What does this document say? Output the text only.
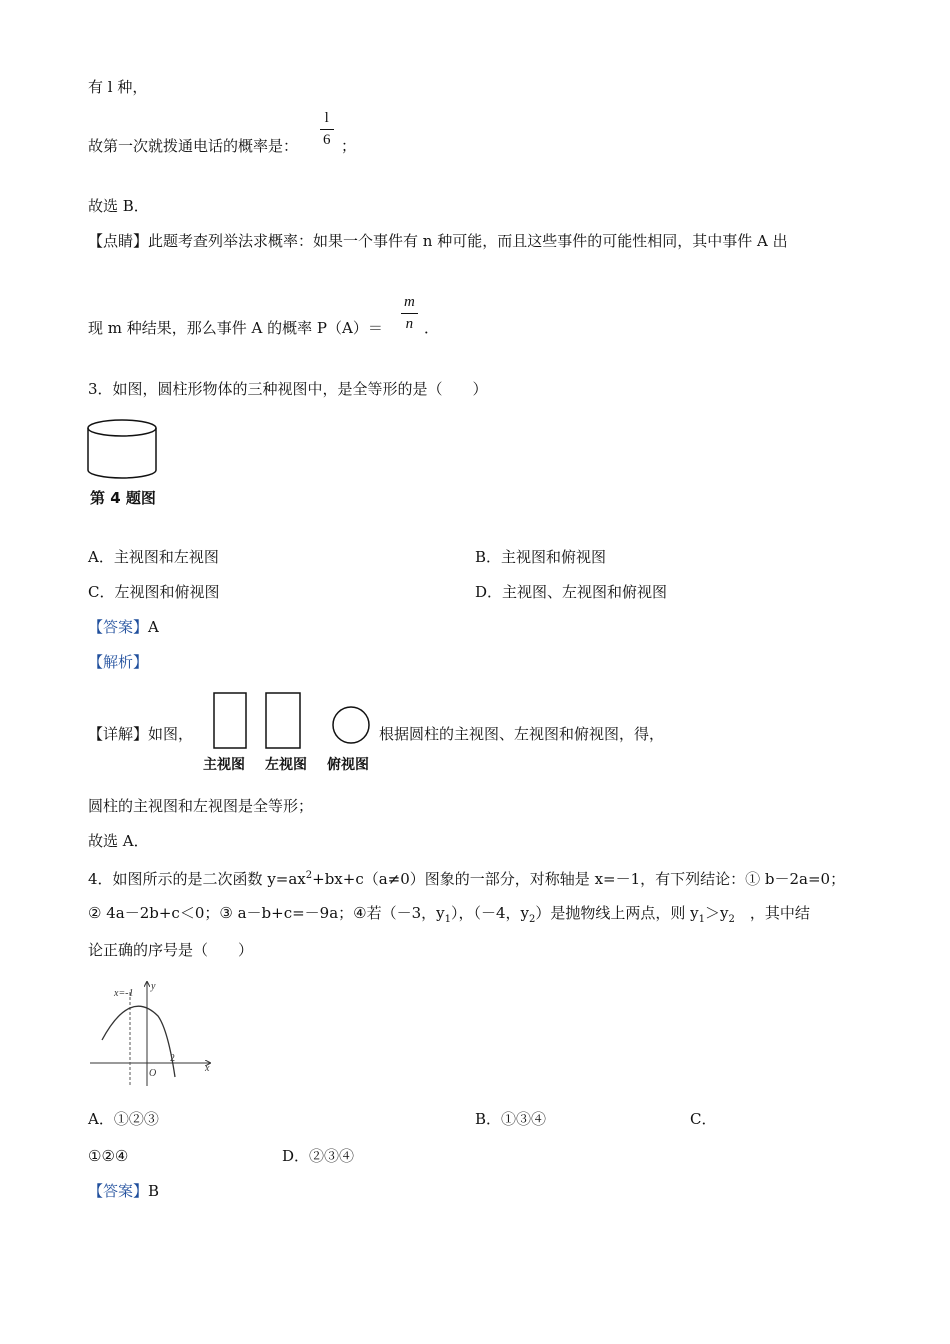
有 l 种，
故第一次就拨通电话的概率是：
l
6 ；
故选 B．
【点睛】此题考查列举法求概率：如果一个事件有 n 种可能，而且这些事件的可能性相同，其中事件 A 出
现 m 种结果，那么事件 A 的概率 P（A）＝
m
n ．
3．如图，圆柱形物体的三种视图中，是全等形的是（　　）
第 4 题图
A．主视图和左视图	B．主视图和俯视图
C．左视图和俯视图	D．主视图、左视图和俯视图
【答案】A
【解析】
【详解】如图，
主视图 左视图 俯视图
根据圆柱的主视图、左视图和俯视图，得，
圆柱的主视图和左视图是全等形；
故选 A．
4．如图所示的是二次函数 $y=ax^2+bx+c(a\ne 0)$图象的一部分，对称轴是 x=－1，有下列结论：① b－2a=0；
② 4a－2b+c＜0；③ a－b+c=－9a；④若（－3，$y_1$），（－4，$y_2$）是抛物线上两点，则 $y_1>y_2$　，其中结
论正确的序号是（　　）
x=-1
y
x
O
2
A．①②③	B．①③④	C．
①②④	D．②③④
【答案】B
